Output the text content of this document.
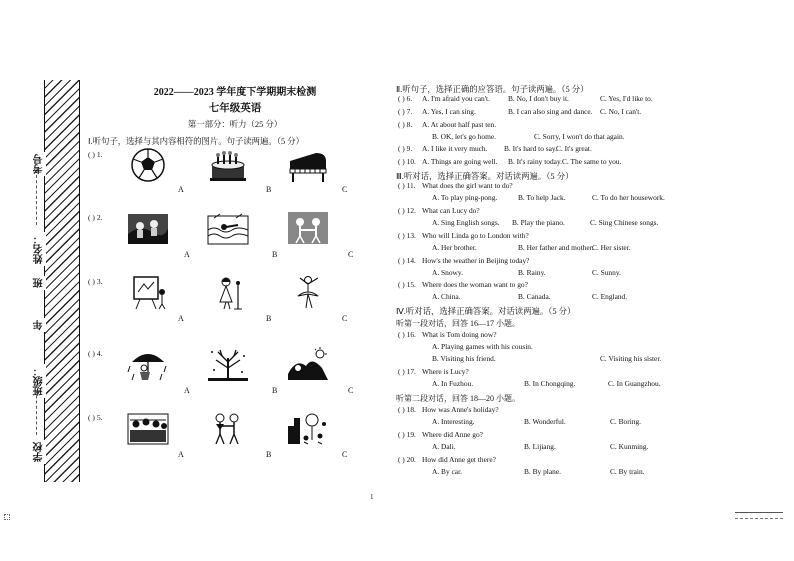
考号
姓名：
班
年
班级：
学校
2022——2023 学年度下学期期末检测
七年级英语
第一部分：听力（25 分）
Ⅰ.听句子，选择与其内容相符的图片。句子读两遍。（5 分）
( ) 1.
A	B	C
( ) 2.
A	B	C
( ) 3.
A	B	C
( ) 4.
A	B	C
( ) 5.
A	B	C
Ⅱ.听句子，选择正确的应答语。句子读两遍。（5 分）
( ) 6. A. I'm afraid you can't. B. No, I don't buy it.	C. Yes, I'd like to.
( ) 7. A. Yes, I can sing.	B. I can also sing and dance. C. No, I can't.
( ) 8. A. At about half past ten.
B. OK, let's go home.	C. Sorry, I won't do that again.
( ) 9. A. I like it very much. B. It's hard to say. C. It's great.
( ) 10. A. Things are going well. B. It's rainy today. C. The same to you.
Ⅲ.听对话，选择正确答案。对话读两遍。（5 分）
( ) 11. What does the girl want to do?
A. To play ping-pong.	B. To help Jack.	C. To do her housework.
( ) 12. What can Lucy do?
A. Sing English songs. B. Play the piano.	C. Sing Chinese songs.
( ) 13. Who will Linda go to London with?
A. Her brother.	B. Her father and mother.
C. Her sister.
( ) 14. How's the weather in Beijing today?
A. Snowy.	B. Rainy.	C. Sunny.
( ) 15. Where does the woman want to go?
A. China.	B. Canada.	C. England.
Ⅳ.听对话，选择正确答案。对话读两遍。（5 分）
听第一段对话，回答 16—17 小题。
听第二段对话，回答 18—20 小题。
( ) 16. What is Tom doing now?
A. Playing games with his cousin.
B. Visiting his friend.	C. Visiting his sister.
( ) 17. Where is Lucy?
A. In Fuzhou.	B. In Chongqing.	C. In Guangzhou.
( ) 18. How was Anne's holiday?
A. Interesting.	B. Wonderful.	C. Boring.
( ) 19. Where did Anne go?
A. Dali.	B. Lijiang.	C. Kunming.
( ) 20. How did Anne get there?
A. By car.	B. By plane.	C. By train.
1
